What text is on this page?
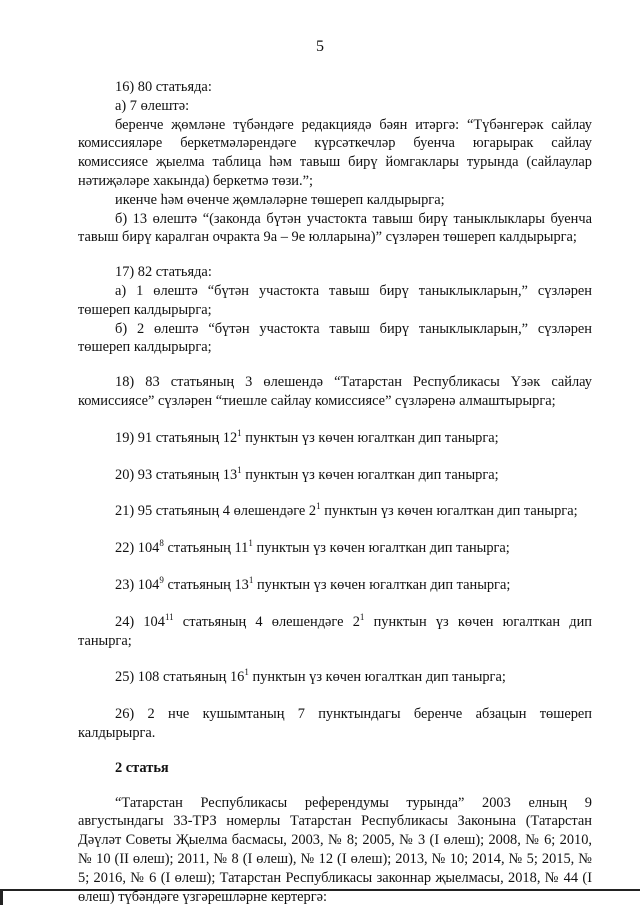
5

16) 80 статьяда:

а) 7 өлештә:

беренче җөмләне түбәндәге редакциядә бәян итәргә: “Түбәнгерәк сайлау комиссияләре беркетмәләрендәге күрсәткечләр буенча югарырак сайлау комиссиясе җыелма таблица һәм тавыш бирү йомгаклары турында (сайлаулар нәтиҗәләре хакында) беркетмә төзи.”;

икенче һәм өченче җөмләләрне төшереп калдырырга;

б) 13 өлештә “(законда бүтән участокта тавыш бирү таныклыклары буенча тавыш бирү каралган очракта 9а – 9е юлларына)” сүзләрен төшереп калдырырга;

17) 82 статьяда:

а) 1 өлештә “бүтән участокта тавыш бирү таныклыкларын,” сүзләрен төшереп калдырырга;

б) 2 өлештә “бүтән участокта тавыш бирү таныклыкларын,” сүзләрен төшереп калдырырга;

18) 83 статьяның 3 өлешендә “Татарстан Республикасы Үзәк сайлау комиссиясе” сүзләрен “тиешле сайлау комиссиясе” сүзләренә алмаштырырга;

19) 91 статьяның $12^1$ пунктын үз көчен югалткан дип танырга;

20) 93 статьяның $13^1$ пунктын үз көчен югалткан дип танырга;

21) 95 статьяның 4 өлешендәге $2^1$ пунктын үз көчен югалткан дип танырга;

22) $104^8$ статьяның $11^1$ пунктын үз көчен югалткан дип танырга;

23) $104^9$ статьяның $13^1$ пунктын үз көчен югалткан дип танырга;

24) $104^{11}$ статьяның 4 өлешендәге $2^1$ пунктын үз көчен югалткан дип танырга;

25) 108 статьяның $16^1$ пунктын үз көчен югалткан дип танырга;

26) 2 нче кушымтаның 7 пунктындагы беренче абзацын төшереп калдырырга.

2 статья

“Татарстан Республикасы референдумы турында” 2003 елның 9 августындагы 33-ТРЗ номерлы Татарстан Республикасы Законына (Татарстан Дәүләт Советы Җыелма басмасы, 2003, № 8; 2005, № 3 (I өлеш); 2008, № 6; 2010, № 10 (II өлеш); 2011, № 8 (I өлеш), № 12 (I өлеш); 2013, № 10; 2014, № 5; 2015, № 5; 2016, № 6 (I өлеш); Татарстан Республикасы законнар җыелмасы, 2018, № 44 (I өлеш) түбәндәге үзгәрешләрне кертергә:
